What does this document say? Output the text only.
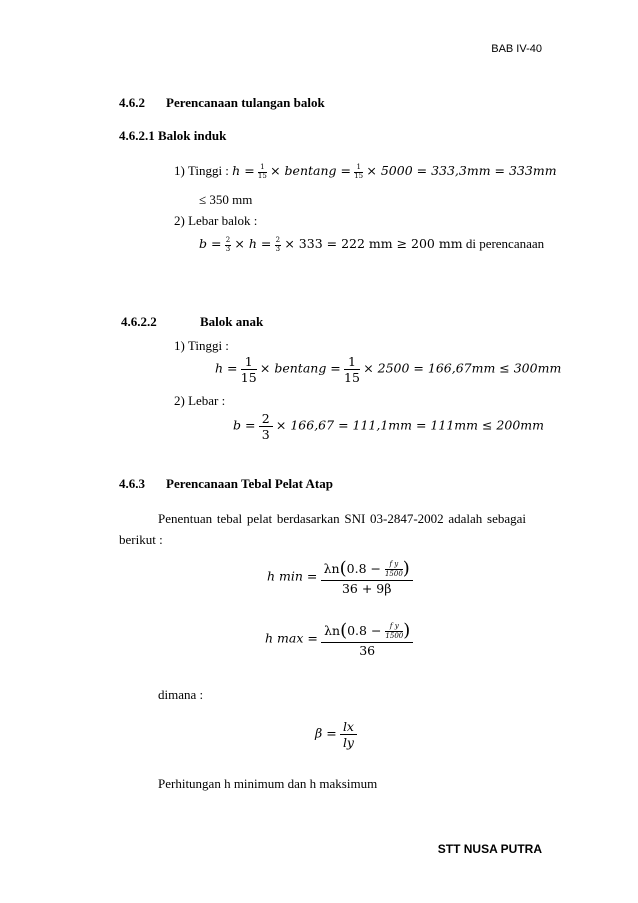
BAB IV-40
4.6.2 Perencanaan tulangan balok
4.6.2.1 Balok induk
1) Tinggi : $h = \frac{1}{15} \times bentang = \frac{1}{15} \times 5000 = 333,3mm = 333mm$
≤ 350 mm
2) Lebar balok :
$b = \frac{2}{3} \times h = \frac{2}{3} \times 333 = 222$ mm ≥ 200 mm di perencanaan
4.6.2.2	Balok anak
1) Tinggi :
$h = \frac{1}{15} \times bentang = \frac{1}{15} \times 2500 = 166,67mm \le 300mm$
2) Lebar :
$b = \frac{2}{3} \times 166,67 = 111,1mm = 111mm \le 200mm$
4.6.3 Perencanaan Tebal Pelat Atap
Penentuan tebal pelat berdasarkan SNI 03-2847-2002 adalah sebagai
berikut :
h $\min = \frac{\lambda n(0.8 - \frac{\text{f y}}{1500} )}{36 + 9\beta}$
h $\max = \frac{\lambda n(0.8 - \frac{\text{f y}}{1500} )}{36}$
dimana :
$\beta = \frac{lx}{ly}$
Perhitungan h minimum dan h maksimum
STT NUSA PUTRA
